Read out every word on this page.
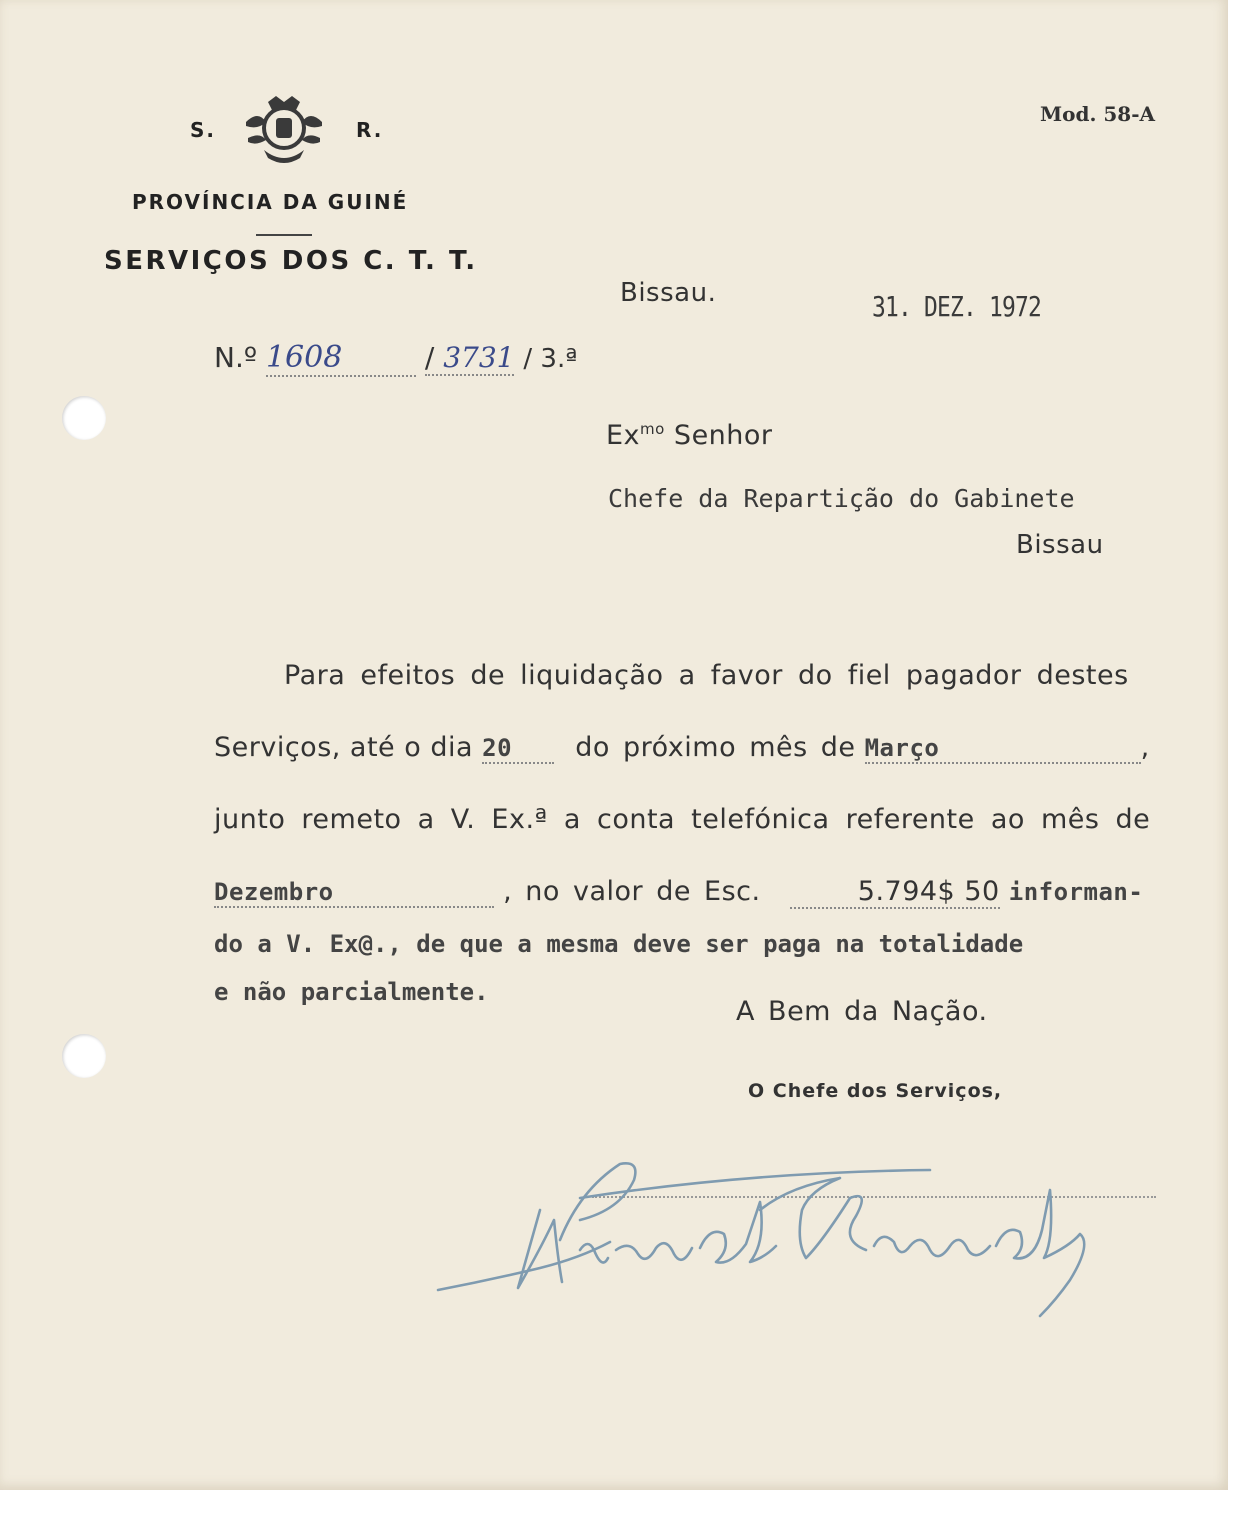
S.	R.
PROVÍNCIA DA GUINÉ
SERVIÇOS DOS C. T. T.
Mod. 58-A
Bissau.	31. DEZ. 1972
N.º 1608	/ 3731 / 3.ª
$Ex^{mo}$ Senhor
Chefe da Repartição do Gabinete
Bissau
Para efeitos de liquidação a favor do fiel pagador destes
Serviços, até o dia 20 do próximo mês de Março	,
junto remeto a V. Ex.ª a conta telefónica referente ao mês de
Dezembro	, no valor de Esc.	5.794$ 50 informan-
do a V. Ex@., de que a mesma deve ser paga na totalidade
e não parcialmente.
A Bem da Nação.
O Chefe dos Serviços,
